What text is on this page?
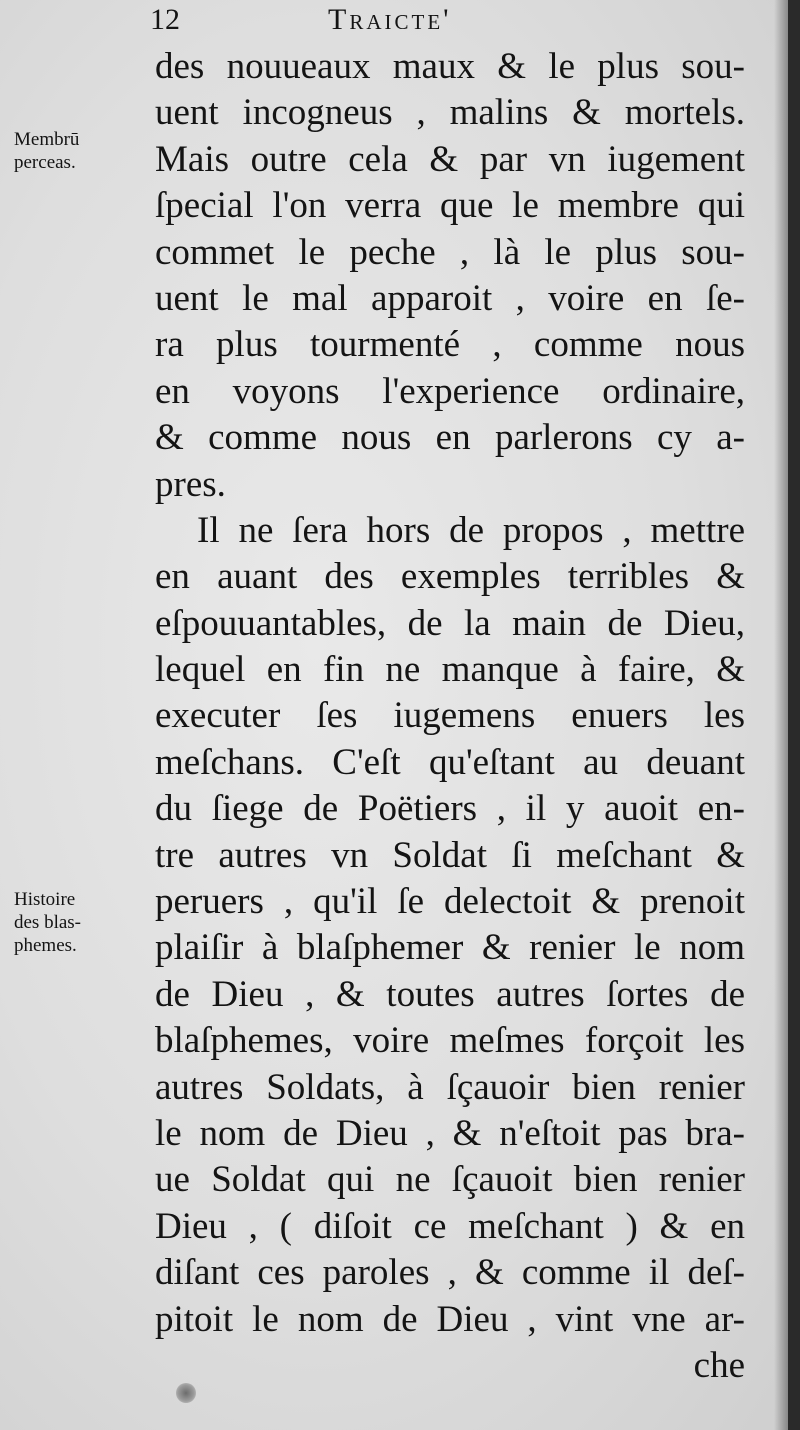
12	Traicte'
Membrū
perceas.
Histoire
des blas-
phemes.
des nouueaux maux & le plus sou-
uent incogneus , malins & mortels.
Mais outre cela & par vn iugement
ſpecial l'on verra que le membre qui
commet le peche , là le plus sou-
uent le mal apparoit , voire en ſe-
ra plus tourmenté , comme nous
en voyons l'experience ordinaire,
& comme nous en parlerons cy a-
pres.
Il ne ſera hors de propos , mettre
en auant des exemples terribles &
eſpouuantables, de la main de Dieu,
lequel en fin ne manque à faire, &
executer ſes iugemens enuers les
meſchans. C'eſt qu'eſtant au deuant
du ſiege de Poëtiers , il y auoit en-
tre autres vn Soldat ſi meſchant &
peruers , qu'il ſe delectoit & prenoit
plaiſir à blaſphemer & renier le nom
de Dieu , & toutes autres ſortes de
blaſphemes, voire meſmes forçoit les
autres Soldats, à ſçauoir bien renier
le nom de Dieu , & n'eſtoit pas bra-
ue Soldat qui ne ſçauoit bien renier
Dieu , ( diſoit ce meſchant ) & en
diſant ces paroles , & comme il deſ-
pitoit le nom de Dieu , vint vne ar-
che
